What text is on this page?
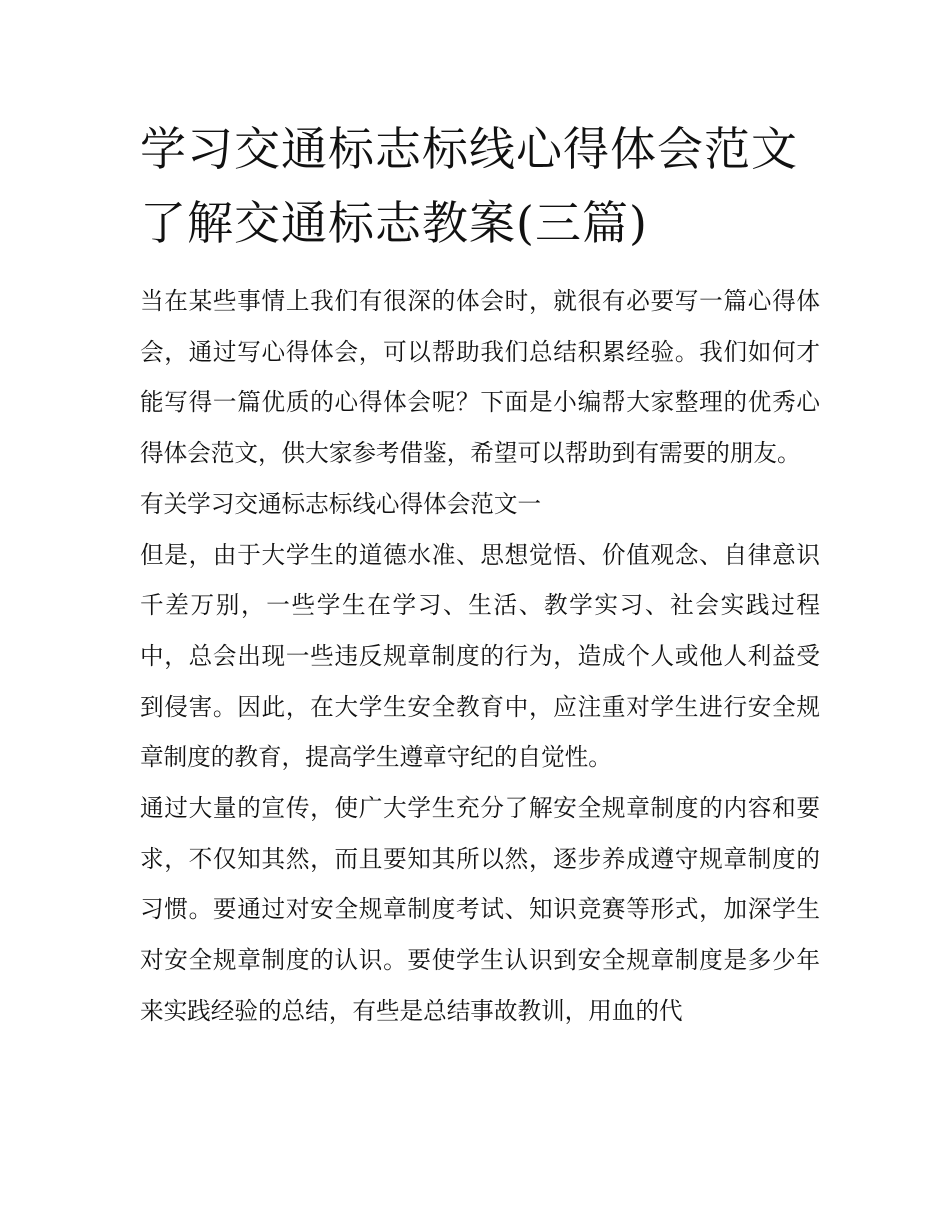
学习交通标志标线心得体会范文 了解交通标志教案(三篇)

当在某些事情上我们有很深的体会时，就很有必要写一篇心得体会，通过写心得体会，可以帮助我们总结积累经验。我们如何才能写得一篇优质的心得体会呢？下面是小编帮大家整理的优秀心得体会范文，供大家参考借鉴，希望可以帮助到有需要的朋友。

有关学习交通标志标线心得体会范文一

但是，由于大学生的道德水准、思想觉悟、价值观念、自律意识千差万别，一些学生在学习、生活、教学实习、社会实践过程中，总会出现一些违反规章制度的行为，造成个人或他人利益受到侵害。因此，在大学生安全教育中，应注重对学生进行安全规章制度的教育，提高学生遵章守纪的自觉性。

通过大量的宣传，使广大学生充分了解安全规章制度的内容和要求，不仅知其然，而且要知其所以然，逐步养成遵守规章制度的习惯。要通过对安全规章制度考试、知识竞赛等形式，加深学生对安全规章制度的认识。要使学生认识到安全规章制度是多少年来实践经验的总结，有些是总结事故教训，用血的代
